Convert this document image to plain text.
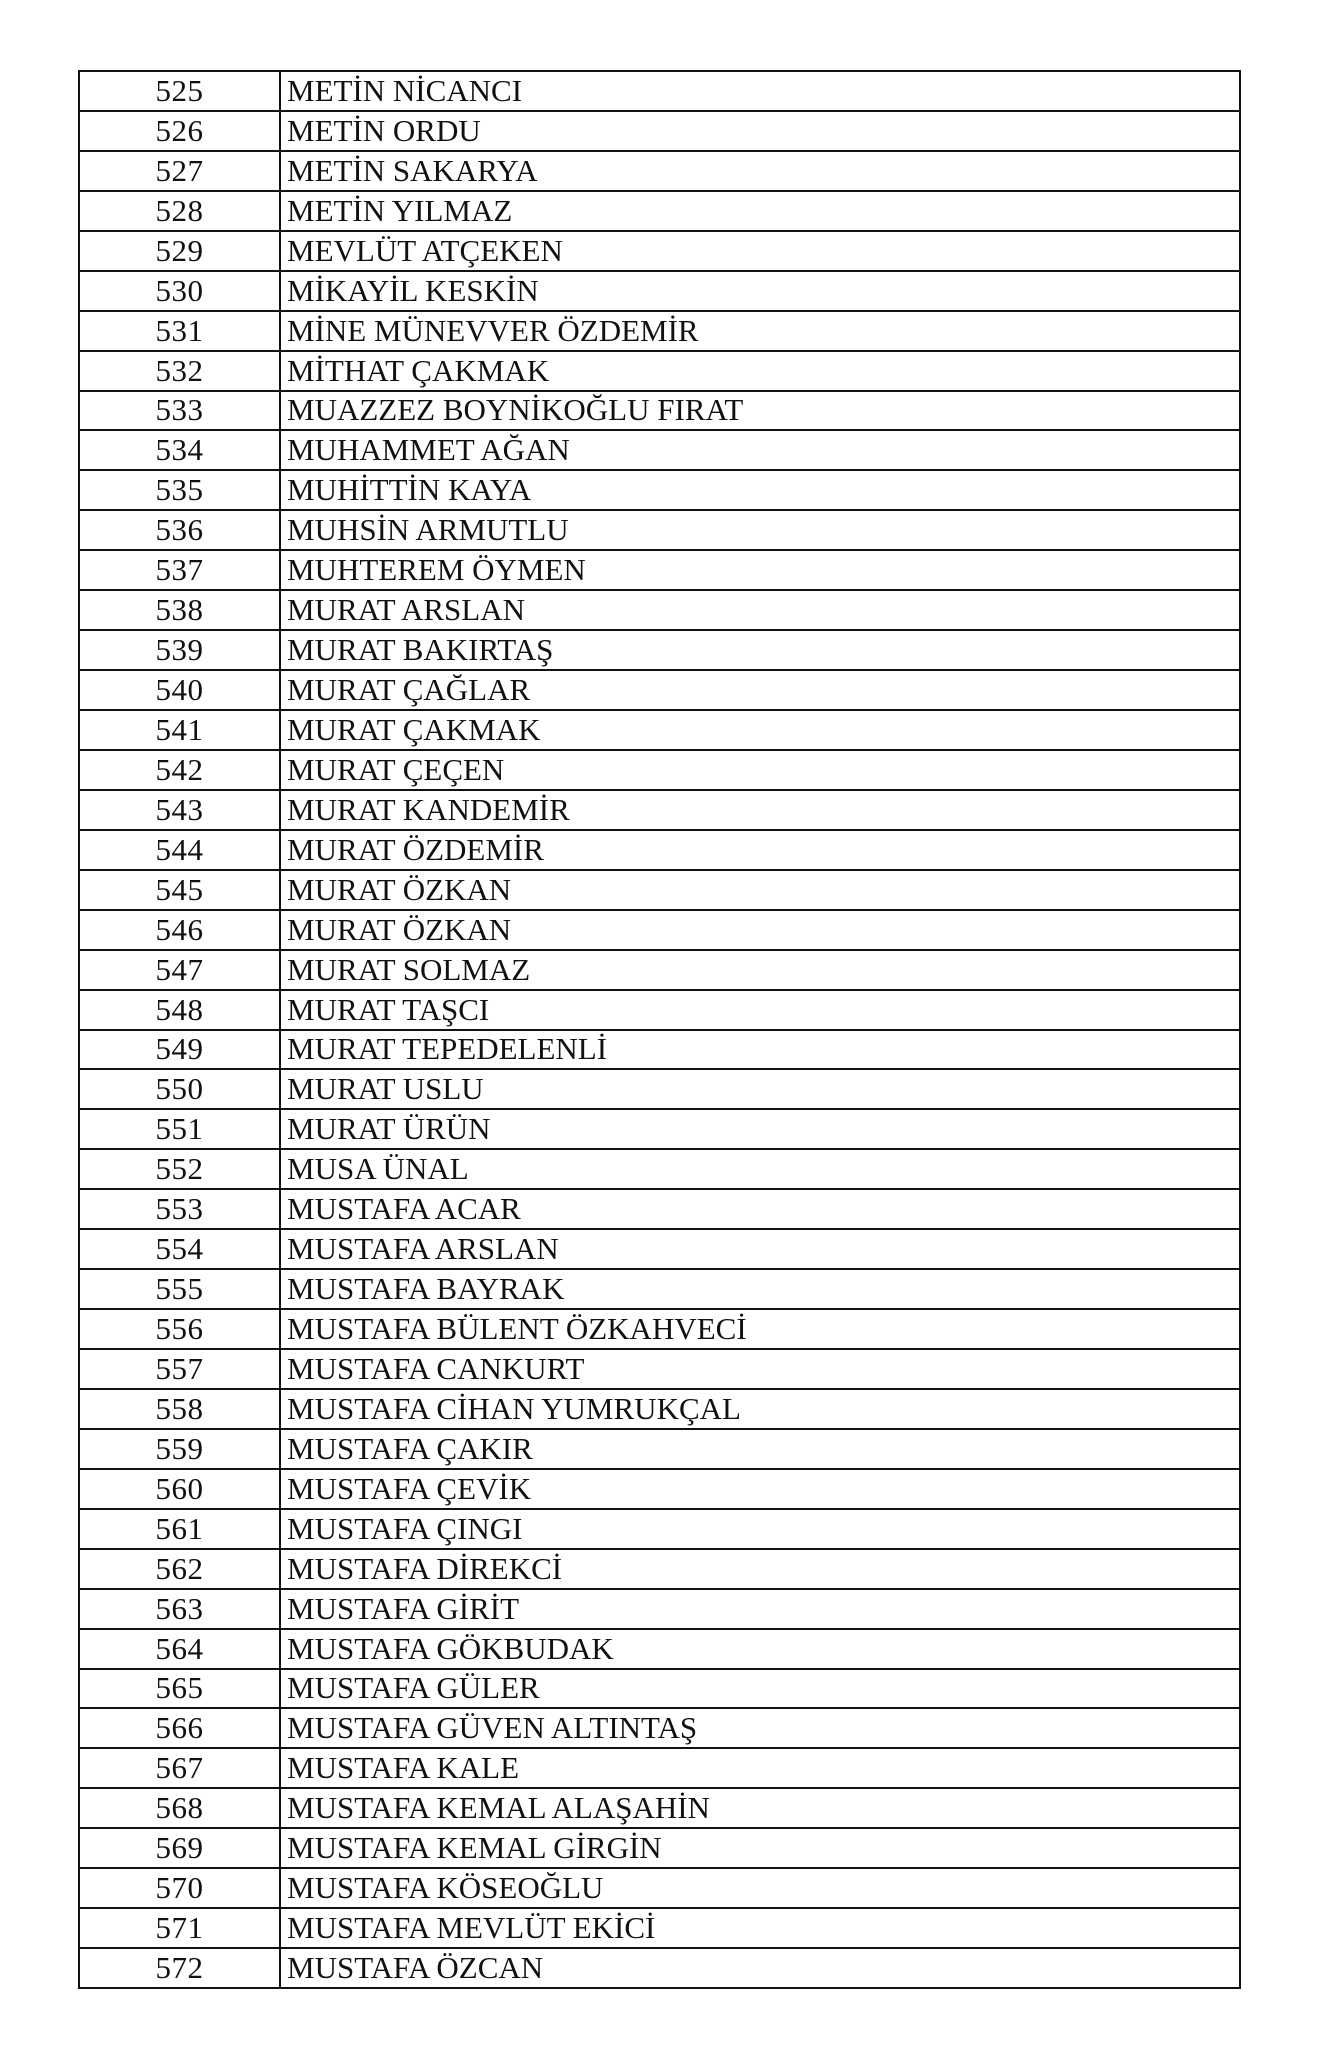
525	METİN NİCANCI
526	METİN ORDU
527	METİN SAKARYA
528	METİN YILMAZ
529	MEVLÜT ATÇEKEN
530	MİKAYİL KESKİN
531	MİNE MÜNEVVER ÖZDEMİR
532	MİTHAT ÇAKMAK
533	MUAZZEZ BOYNİKOĞLU FIRAT
534	MUHAMMET AĞAN
535	MUHİTTİN KAYA
536	MUHSİN ARMUTLU
537	MUHTEREM ÖYMEN
538	MURAT ARSLAN
539	MURAT BAKIRTAŞ
540	MURAT ÇAĞLAR
541	MURAT ÇAKMAK
542	MURAT ÇEÇEN
543	MURAT KANDEMİR
544	MURAT ÖZDEMİR
545	MURAT ÖZKAN
546	MURAT ÖZKAN
547	MURAT SOLMAZ
548	MURAT TAŞCI
549	MURAT TEPEDELENLİ
550	MURAT USLU
551	MURAT ÜRÜN
552	MUSA ÜNAL
553	MUSTAFA ACAR
554	MUSTAFA ARSLAN
555	MUSTAFA BAYRAK
556	MUSTAFA BÜLENT ÖZKAHVECİ
557	MUSTAFA CANKURT
558	MUSTAFA CİHAN YUMRUKÇAL
559	MUSTAFA ÇAKIR
560	MUSTAFA ÇEVİK
561	MUSTAFA ÇINGI
562	MUSTAFA DİREKCİ
563	MUSTAFA GİRİT
564	MUSTAFA GÖKBUDAK
565	MUSTAFA GÜLER
566	MUSTAFA GÜVEN ALTINTAŞ
567	MUSTAFA KALE
568	MUSTAFA KEMAL ALAŞAHİN
569	MUSTAFA KEMAL GİRGİN
570	MUSTAFA KÖSEOĞLU
571	MUSTAFA MEVLÜT EKİCİ
572	MUSTAFA ÖZCAN
